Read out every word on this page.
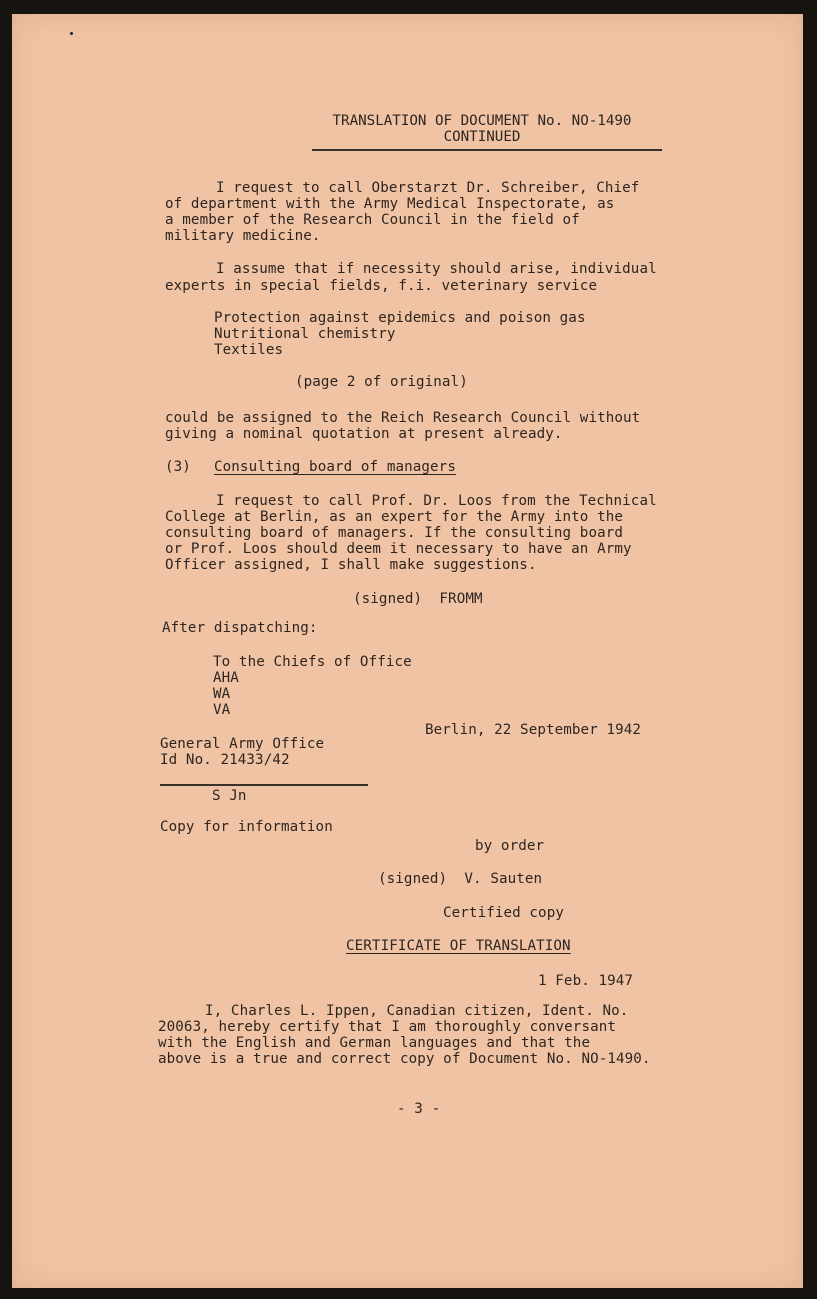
TRANSLATION OF DOCUMENT No. NO-1490

CONTINUED

I request to call Oberstarzt Dr. Schreiber, Chief

of department with the Army Medical Inspectorate, as

a member of the Research Council in the field of

military medicine.

I assume that if necessity should arise, individual

experts in special fields, f.i. veterinary service

Protection against epidemics and poison gas

Nutritional chemistry

Textiles

(page 2 of original)

could be assigned to the Reich Research Council without

giving a nominal quotation at present already.

(3) Consulting board of managers

I request to call Prof. Dr. Loos from the Technical

College at Berlin, as an expert for the Army into the

consulting board of managers. If the consulting board

or Prof. Loos should deem it necessary to have an Army

Officer assigned, I shall make suggestions.

(signed)  FROMM

After dispatching:

To the Chiefs of Office

AHA

WA

VA

Berlin, 22 September 1942

General Army Office

Id No. 21433/42

S Jn

Copy for information

by order

(signed)  V. Sauten

Certified copy

CERTIFICATE OF TRANSLATION

1 Feb. 1947

I, Charles L. Ippen, Canadian citizen, Ident. No.

20063, hereby certify that I am thoroughly conversant

with the English and German languages and that the

above is a true and correct copy of Document No. NO-1490.

- 3 -
